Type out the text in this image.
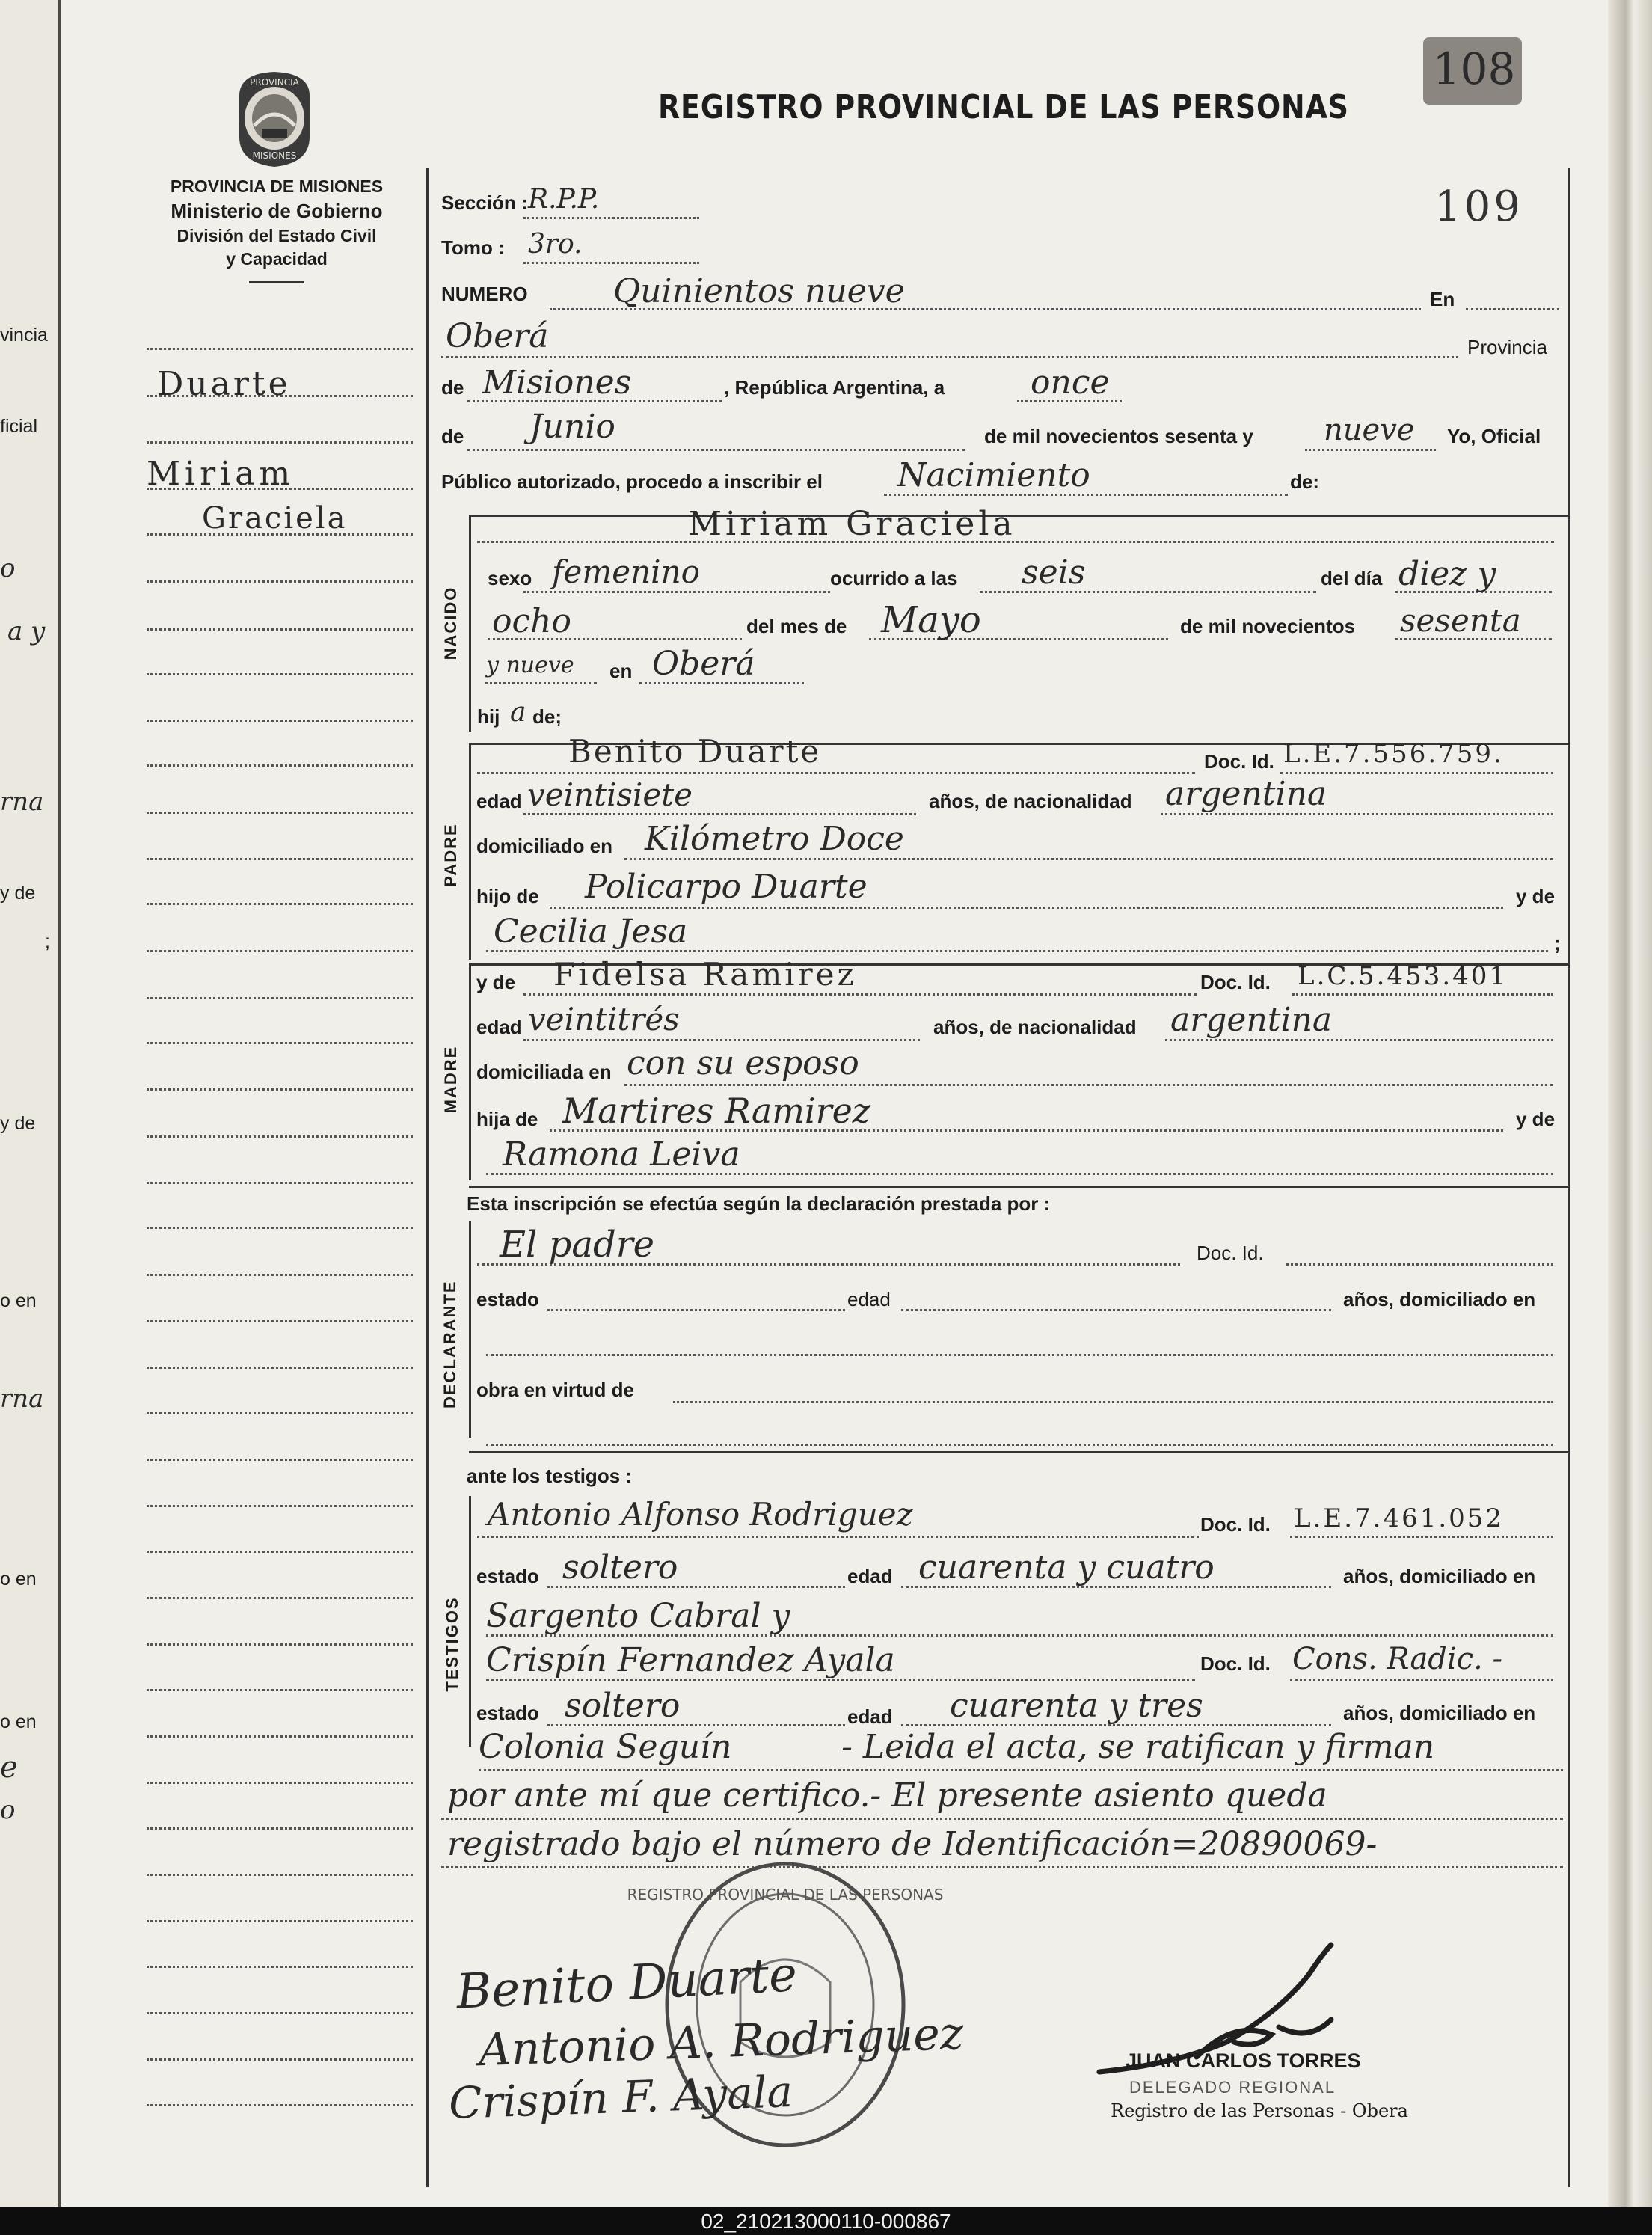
vincia
ficial
o
a y
rna
y de
;
y de
o en
rna
o en
o en
e
o
108
PROVINCIA
MISIONES
REGISTRO PROVINCIAL DE LAS PERSONAS
PROVINCIA DE MISIONES
Ministerio de Gobierno
División del Estado Civil
y Capacidad
Duarte
Miriam
Graciela
109
Sección : R.P.P.
Tomo : 3ro.
NUMERO	Quinientos nueve	En
Oberá	Provincia
de Misiones	, República Argentina, a	once
de Junio	de mil novecientos sesenta y nueve Yo, Oficial
Público autorizado, procedo a inscribir el Nacimiento	de:
NACIDO
Miriam Graciela
sexo femenino	ocurrido a las seis	del día diez y
ocho	del mes de Mayo	de mil novecientos sesenta
y nueve en Oberá
hij a de;
PADRE
Benito Duarte	Doc. Id. L.E.7.556.759.
edad veintisiete	años, de nacionalidad argentina
domiciliado en Kilómetro Doce
hijo de Policarpo Duarte	y de
Cecilia Jesa	;
MADRE
y de Fidelsa Ramirez	Doc. Id. L.C.5.453.401
edad veintitrés	años, de nacionalidad argentina
domiciliada en con su esposo
hija de Martires Ramirez	y de
Ramona Leiva
Esta inscripción se efectúa según la declaración prestada por :
DECLARANTE
El padre	Doc. Id.
estado	edad	años, domiciliado en
obra en virtud de
ante los testigos :
TESTIGOS
Antonio Alfonso Rodriguez	Doc. Id. L.E.7.461.052
estado soltero	edad cuarenta y cuatro	años, domiciliado en
Sargento Cabral y
Crispín Fernandez Ayala	Doc. Id. Cons. Radic. -
estado soltero	edad cuarenta y tres	años, domiciliado en
Colonia Seguín	- Leida el acta, se ratifican y firman
por ante mí que certifico.- El presente asiento queda
registrado bajo el número de Identificación=20890069-
REGISTRO PROVINCIAL DE LAS PERSONAS
Benito Duarte
Antonio A. Rodriguez
Crispín F. Ayala
JUAN CARLOS TORRES
DELEGADO REGIONAL
Registro de las Personas - Obera
02_210213000110-000867
